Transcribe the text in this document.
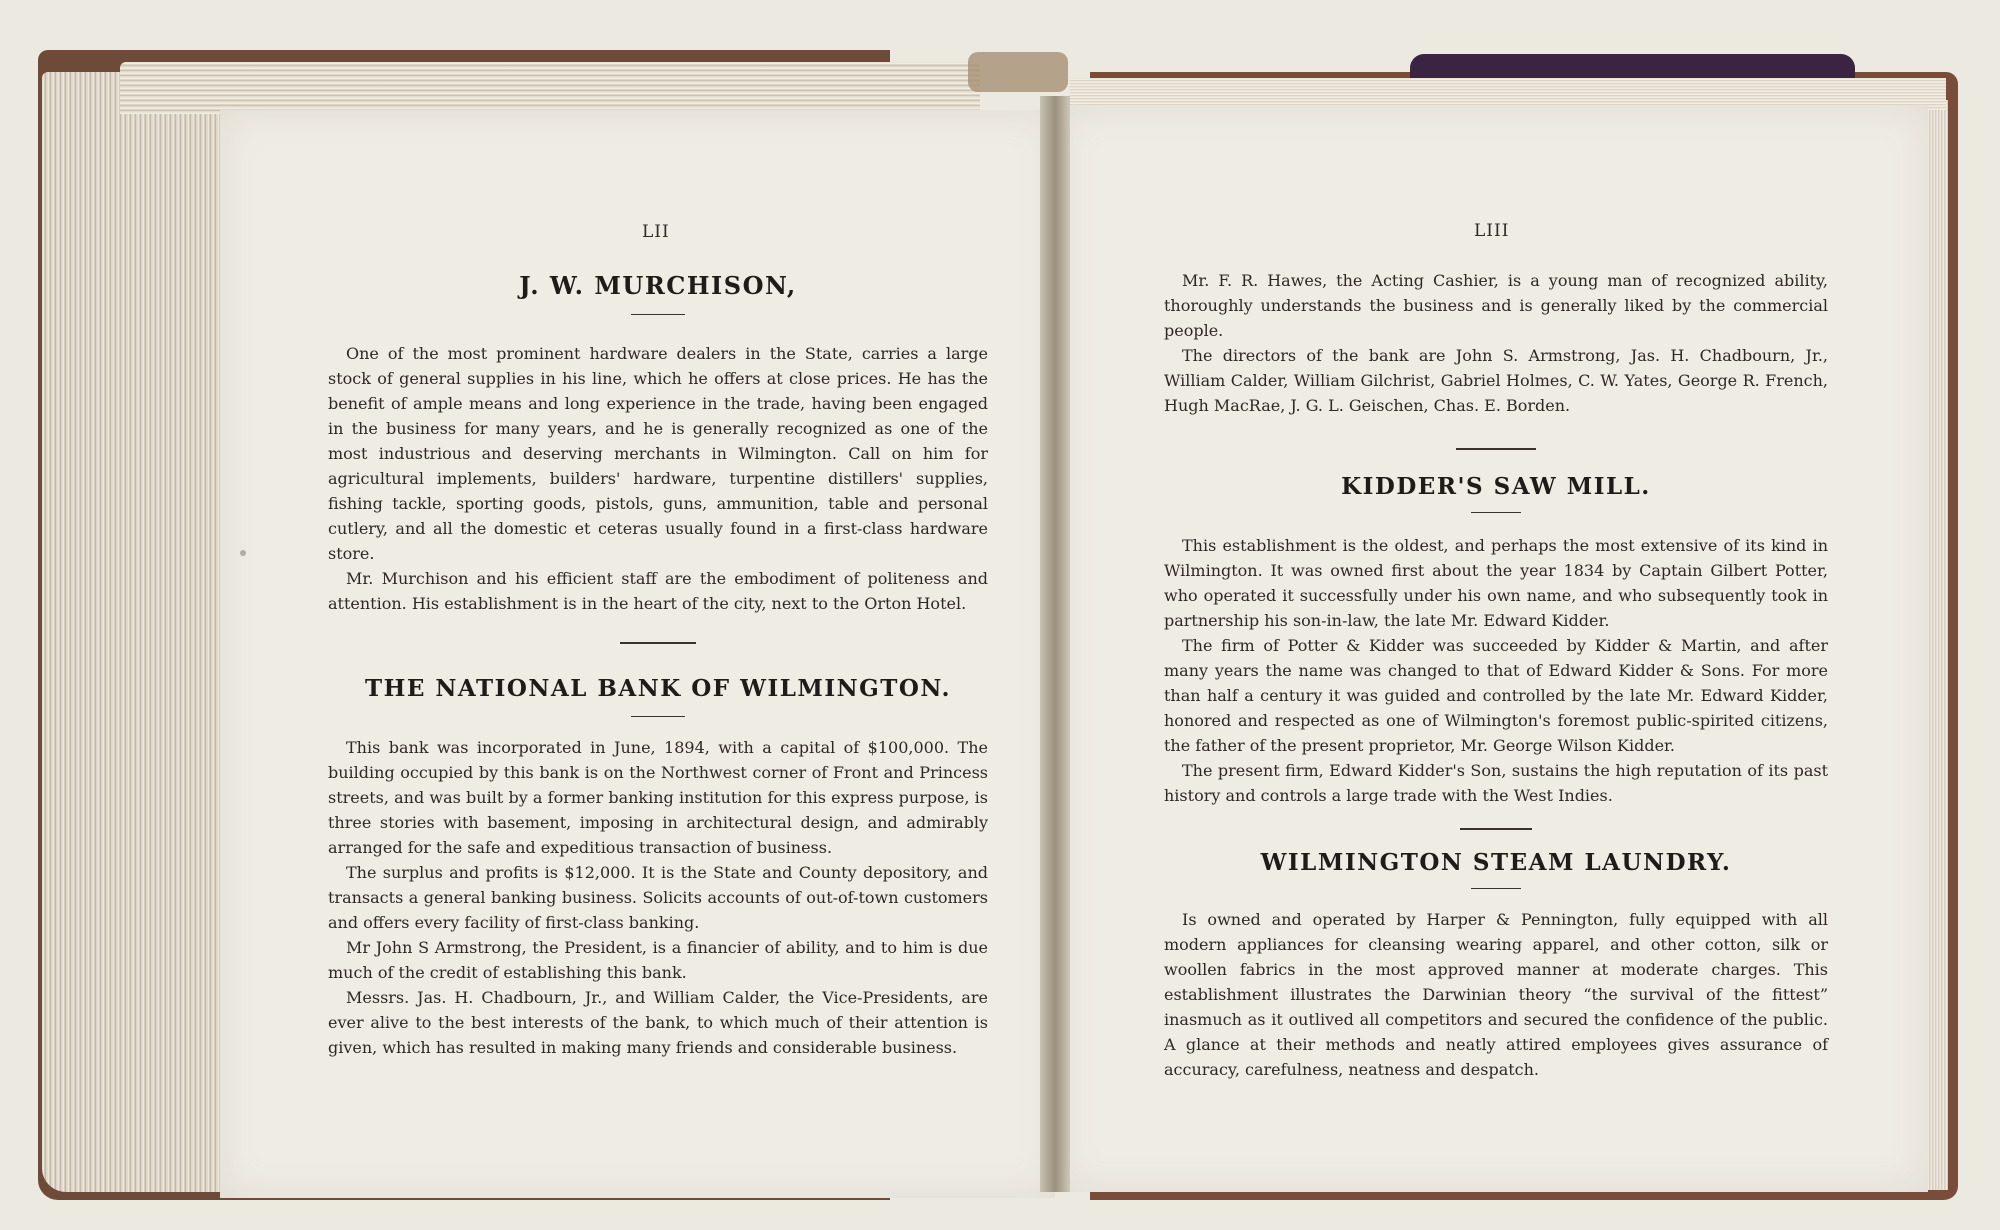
LII
J. W. MURCHISON,

One of the most prominent hardware dealers in the State, carries a large stock of general supplies in his line, which he offers at close prices. He has the benefit of ample means and long experience in the trade, having been engaged in the business for many years, and he is generally recognized as one of the most industrious and deserving merchants in Wilmington. Call on him for agricultural implements, builders' hardware, turpentine distillers' supplies, fishing tackle, sporting goods, pistols, guns, ammunition, table and personal cutlery, and all the domestic et ceteras usually found in a first-class hardware store.

Mr. Murchison and his efficient staff are the embodiment of politeness and attention. His establishment is in the heart of the city, next to the Orton Hotel.

THE NATIONAL BANK OF WILMINGTON.

This bank was incorporated in June, 1894, with a capital of $100,000. The building occupied by this bank is on the Northwest corner of Front and Princess streets, and was built by a former banking institution for this express purpose, is three stories with basement, imposing in architectural design, and admirably arranged for the safe and expeditious transaction of business.

The surplus and profits is $12,000. It is the State and County depository, and transacts a general banking business. Solicits accounts of out-of-town customers and offers every facility of first-class banking.

Mr John S Armstrong, the President, is a financier of ability, and to him is due much of the credit of establishing this bank.

Messrs. Jas. H. Chadbourn, Jr., and William Calder, the Vice-Presidents, are ever alive to the best interests of the bank, to which much of their attention is given, which has resulted in making many friends and considerable business.

LIII

Mr. F. R. Hawes, the Acting Cashier, is a young man of recognized ability, thoroughly understands the business and is generally liked by the commercial people.

The directors of the bank are John S. Armstrong, Jas. H. Chadbourn, Jr., William Calder, William Gilchrist, Gabriel Holmes, C. W. Yates, George R. French, Hugh MacRae, J. G. L. Geischen, Chas. E. Borden.

KIDDER'S SAW MILL.

This establishment is the oldest, and perhaps the most extensive of its kind in Wilmington. It was owned first about the year 1834 by Captain Gilbert Potter, who operated it successfully under his own name, and who subsequently took in partnership his son-in-law, the late Mr. Edward Kidder.

The firm of Potter & Kidder was succeeded by Kidder & Martin, and after many years the name was changed to that of Edward Kidder & Sons. For more than half a century it was guided and controlled by the late Mr. Edward Kidder, honored and respected as one of Wilmington's foremost public-spirited citizens, the father of the present proprietor, Mr. George Wilson Kidder.

The present firm, Edward Kidder's Son, sustains the high reputation of its past history and controls a large trade with the West Indies.

WILMINGTON STEAM LAUNDRY.

Is owned and operated by Harper & Pennington, fully equipped with all modern appliances for cleansing wearing apparel, and other cotton, silk or woollen fabrics in the most approved manner at moderate charges. This establishment illustrates the Darwinian theory “the survival of the fittest” inasmuch as it outlived all competitors and secured the confidence of the public. A glance at their methods and neatly attired employees gives assurance of accuracy, carefulness, neatness and despatch.
